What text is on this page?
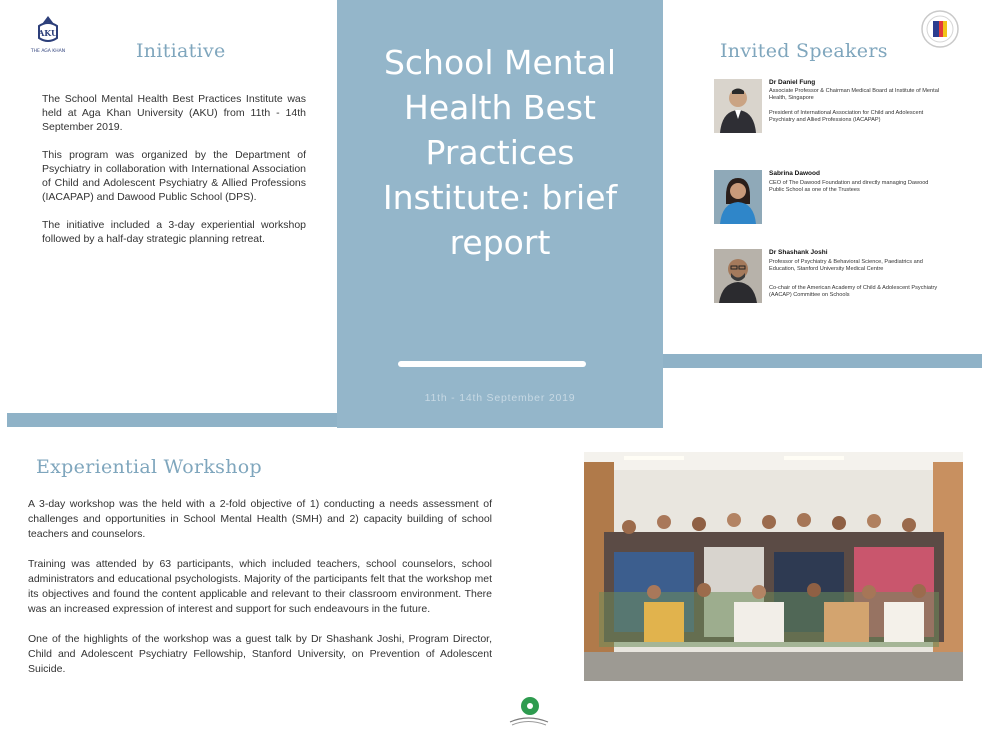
AKU
THE AGA KHAN	Initiative

The School Mental Health Best Practices Institute was held at Aga Khan University (AKU) from 11th - 14th September 2019.

This program was organized by the Department of Psychiatry in collaboration with International Association of Child and Adolescent Psychiatry & Allied Professions (IACAPAP) and Dawood Public School (DPS).

The initiative included a 3-day experiential workshop followed by a half-day strategic planning retreat.

School Mental Health Best Practices Institute: brief report
11th - 14th September 2019
Invited Speakers
Dr Daniel Fung
Associate Professor & Chairman Medical Board at Institute of Mental Health, Singapore
President of International Association for Child and Adolescent Psychiatry and Allied Professions (IACAPAP)
Sabrina Dawood
CEO of The Dawood Foundation and directly managing Dawood Public School as one of the Trustees
Dr Shashank Joshi
Professor of Psychiatry & Behavioral Science, Paediatrics and Education, Stanford University Medical Centre
Co-chair of the American Academy of Child & Adolescent Psychiatry (AACAP) Committee on Schools
Experiential Workshop

A 3-day workshop was the held with a 2-fold objective of 1) conducting a needs assessment of challenges and opportunities in School Mental Health (SMH) and 2) capacity building of school teachers and counselors.

Training was attended by 63 participants, which included teachers, school counselors, school administrators and educational psychologists. Majority of the participants felt that the workshop met its objectives and found the content applicable and relevant to their classroom environment. There was an increased expression of interest and support for such endeavours in the future.

One of the highlights of the workshop was a guest talk by Dr Shashank Joshi, Program Director, Child and Adolescent Psychiatry Fellowship, Stanford University, on Prevention of Adolescent Suicide.
